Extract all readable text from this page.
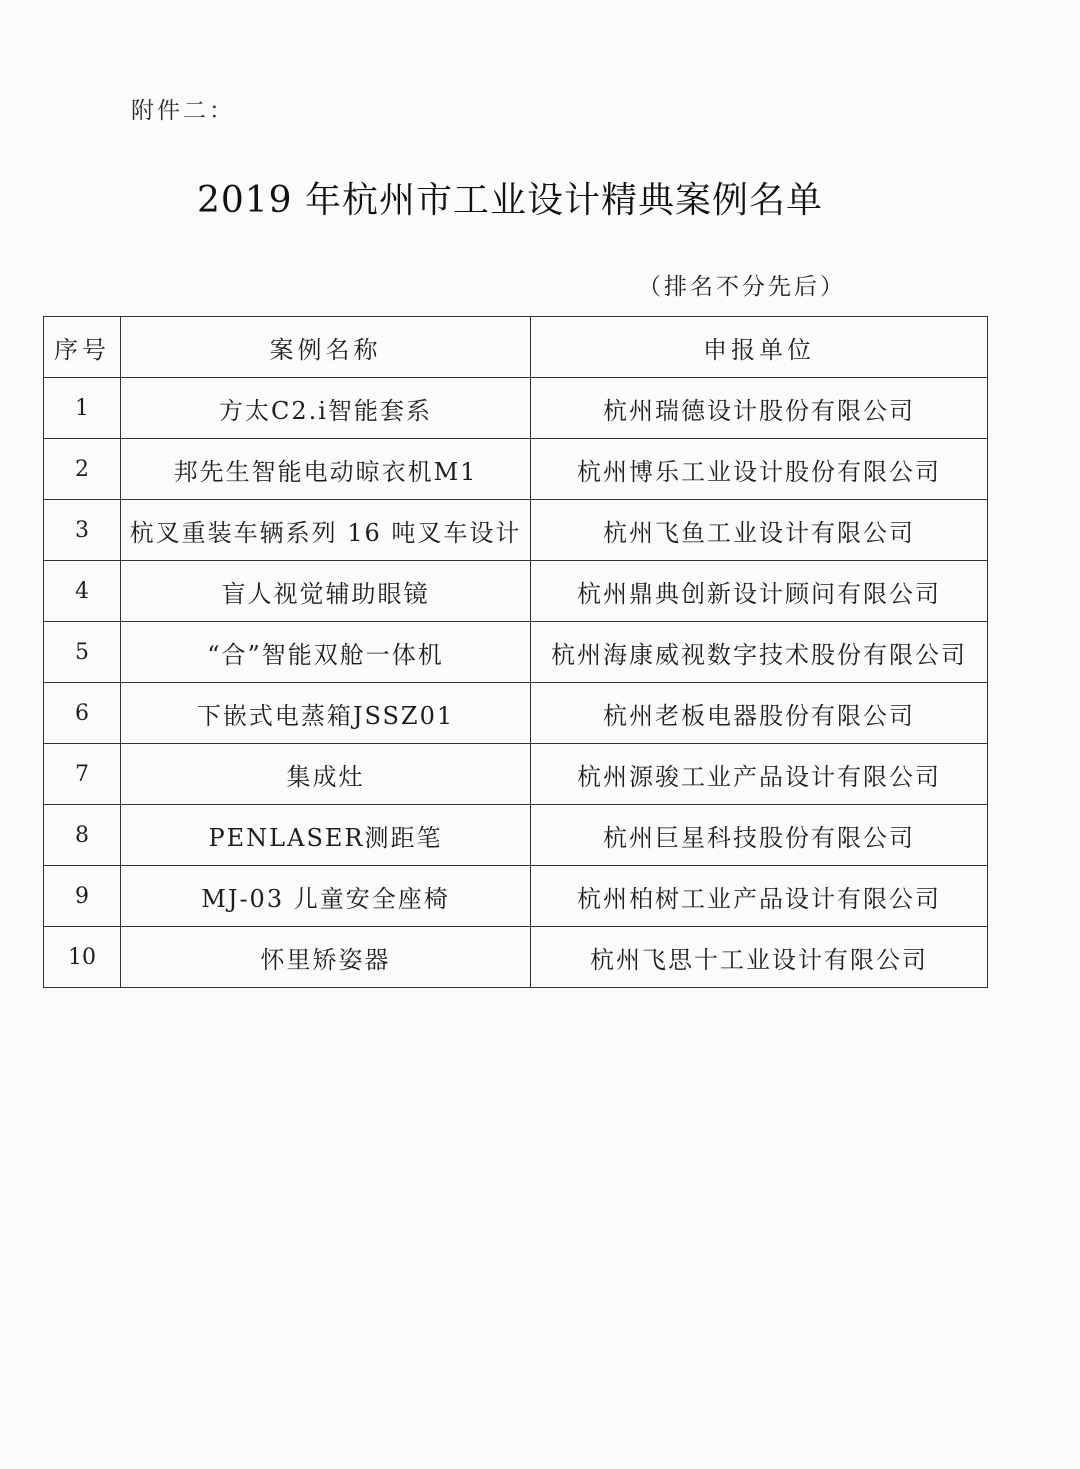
附件二：
2019 年杭州市工业设计精典案例名单
（排名不分先后）
序号	案例名称	申报单位
1	方太C2.i智能套系	杭州瑞德设计股份有限公司
2	邦先生智能电动晾衣机M1	杭州博乐工业设计股份有限公司
3	杭叉重装车辆系列 16 吨叉车设计	杭州飞鱼工业设计有限公司
4	盲人视觉辅助眼镜	杭州鼎典创新设计顾问有限公司
5	“合”智能双舱一体机	杭州海康威视数字技术股份有限公司
6	下嵌式电蒸箱JSSZ01	杭州老板电器股份有限公司
7	集成灶	杭州源骏工业产品设计有限公司
8	PENLASER测距笔	杭州巨星科技股份有限公司
9	MJ-03 儿童安全座椅	杭州柏树工业产品设计有限公司
10	怀里矫姿器	杭州飞思十工业设计有限公司
